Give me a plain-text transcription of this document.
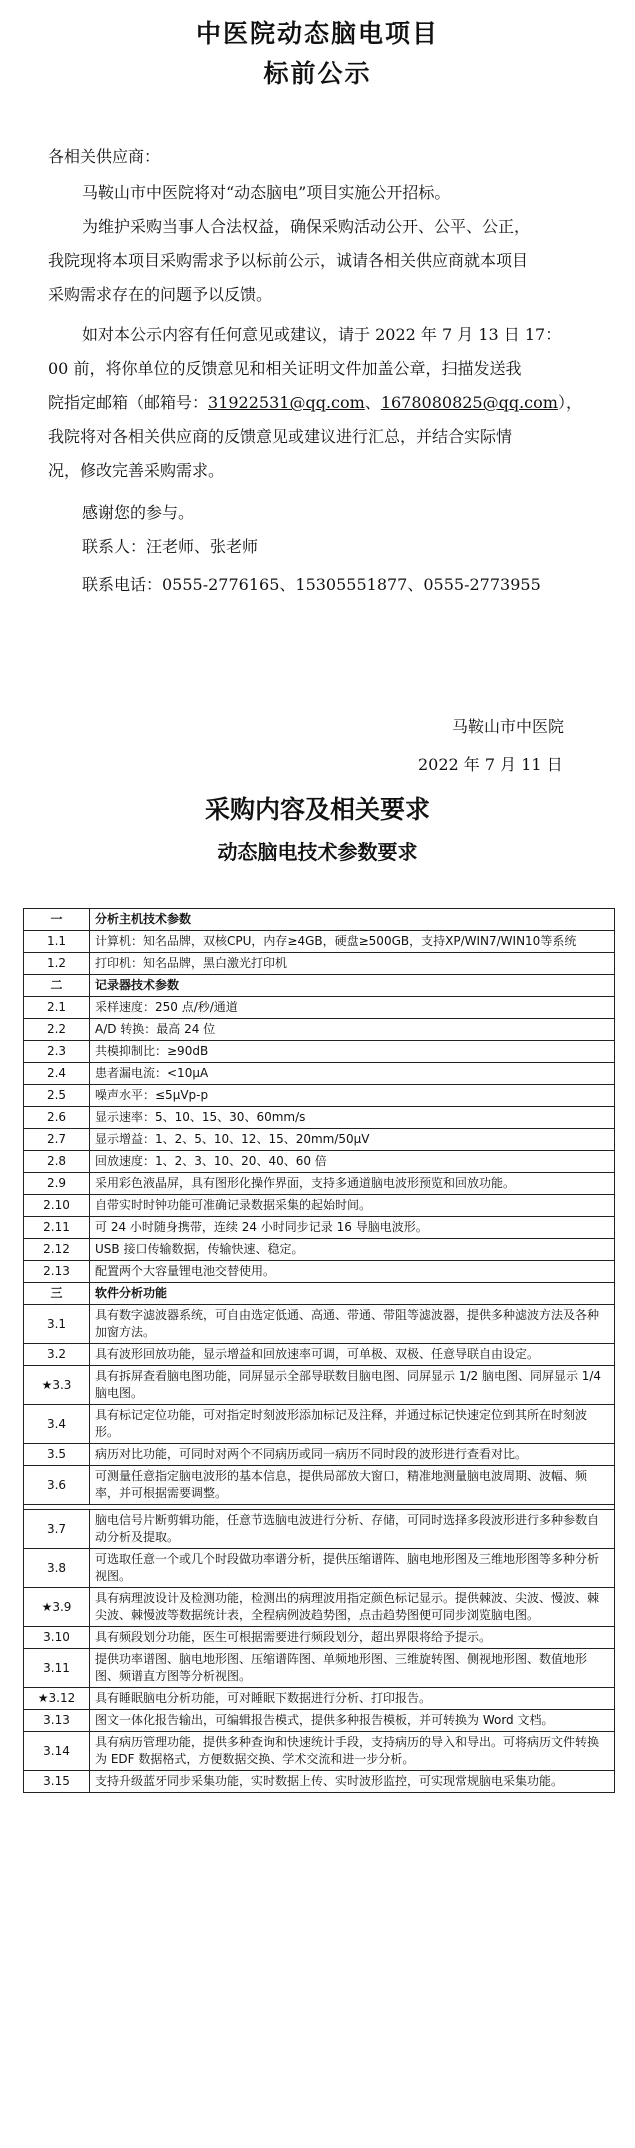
中医院动态脑电项目
标前公示
各相关供应商：
马鞍山市中医院将对“动态脑电”项目实施公开招标。
为维护采购当事人合法权益，确保采购活动公开、公平、公正，
我院现将本项目采购需求予以标前公示，诚请各相关供应商就本项目
采购需求存在的问题予以反馈。
如对本公示内容有任何意见或建议，请于 2022 年 7 月 13 日 17：
00 前，将你单位的反馈意见和相关证明文件加盖公章，扫描发送我
院指定邮箱（邮箱号：31922531@qq.com、1678080825@qq.com），
我院将对各相关供应商的反馈意见或建议进行汇总，并结合实际情
况，修改完善采购需求。
感谢您的参与。
联系人：汪老师、张老师
联系电话：0555-2776165、15305551877、0555-2773955
马鞍山市中医院
2022 年 7 月 11 日
采购内容及相关要求
动态脑电技术参数要求
一	分析主机技术参数
1.1	计算机：知名品牌，双核CPU，内存≥4GB，硬盘≥500GB，支持XP/WIN7/WIN10等系统
1.2	打印机：知名品牌，黑白激光打印机
二	记录器技术参数
2.1	采样速度：250 点/秒/通道
2.2	A/D 转换：最高 24 位
2.3	共模抑制比：≥90dB
2.4	患者漏电流：<10μA
2.5	噪声水平：≤5μVp-p
2.6	显示速率：5、10、15、30、60mm/s
2.7	显示增益：1、2、5、10、12、15、20mm/50μV
2.8	回放速度：1、2、3、10、20、40、60 倍
2.9	采用彩色液晶屏，具有图形化操作界面，支持多通道脑电波形预览和回放功能。
2.10	自带实时时钟功能可准确记录数据采集的起始时间。
2.11	可 24 小时随身携带，连续 24 小时同步记录 16 导脑电波形。
2.12	USB 接口传输数据，传输快速、稳定。
2.13	配置两个大容量锂电池交替使用。
三	软件分析功能
3.1	具有数字滤波器系统，可自由选定低通、高通、带通、带阻等滤波器，提供多种滤波方法及各种加窗方法。
3.2	具有波形回放功能，显示增益和回放速率可调，可单极、双极、任意导联自由设定。
★3.3	具有拆屏查看脑电图功能，同屏显示全部导联数目脑电图、同屏显示 1/2 脑电图、同屏显示 1/4 脑电图。
3.4	具有标记定位功能，可对指定时刻波形添加标记及注释，并通过标记快速定位到其所在时刻波形。
3.5	病历对比功能，可同时对两个不同病历或同一病历不同时段的波形进行查看对比。
3.6	可测量任意指定脑电波形的基本信息，提供局部放大窗口，精准地测量脑电波周期、波幅、频率，并可根据需要调整。

3.7	脑电信号片断剪辑功能，任意节选脑电波进行分析、存储，可同时选择多段波形进行多种参数自动分析及提取。
3.8	可选取任意一个或几个时段做功率谱分析，提供压缩谱阵、脑电地形图及三维地形图等多种分析视图。
★3.9	具有病理波设计及检测功能，检测出的病理波用指定颜色标记显示。提供棘波、尖波、慢波、棘尖波、棘慢波等数据统计表，全程病例波趋势图，点击趋势图便可同步浏览脑电图。
3.10	具有频段划分功能，医生可根据需要进行频段划分，超出界限将给予提示。
3.11	提供功率谱图、脑电地形图、压缩谱阵图、单频地形图、三维旋转图、侧视地形图、数值地形图、频谱直方图等分析视图。
★3.12	具有睡眠脑电分析功能，可对睡眠下数据进行分析、打印报告。
3.13	图文一体化报告输出，可编辑报告模式，提供多种报告模板，并可转换为 Word 文档。
3.14	具有病历管理功能，提供多种查询和快速统计手段，支持病历的导入和导出。可将病历文件转换为 EDF 数据格式，方便数据交换、学术交流和进一步分析。
3.15	支持升级蓝牙同步采集功能，实时数据上传、实时波形监控，可实现常规脑电采集功能。
